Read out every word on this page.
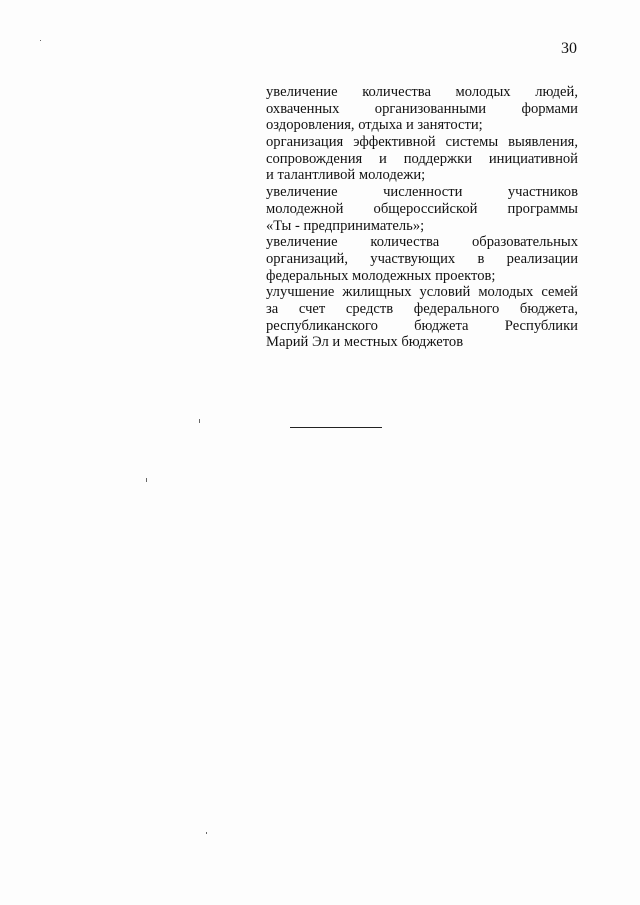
30
увеличение количества молодых людей,
охваченных организованными формами
оздоровления, отдыха и занятости;
организация эффективной системы выявления,
сопровождения и поддержки инициативной
и талантливой молодежи;
увеличение численности участников
молодежной общероссийской программы
«Ты - предприниматель»;
увеличение количества образовательных
организаций, участвующих в реализации
федеральных молодежных проектов;
улучшение жилищных условий молодых семей
за счет средств федерального бюджета,
республиканского бюджета Республики
Марий Эл и местных бюджетов
